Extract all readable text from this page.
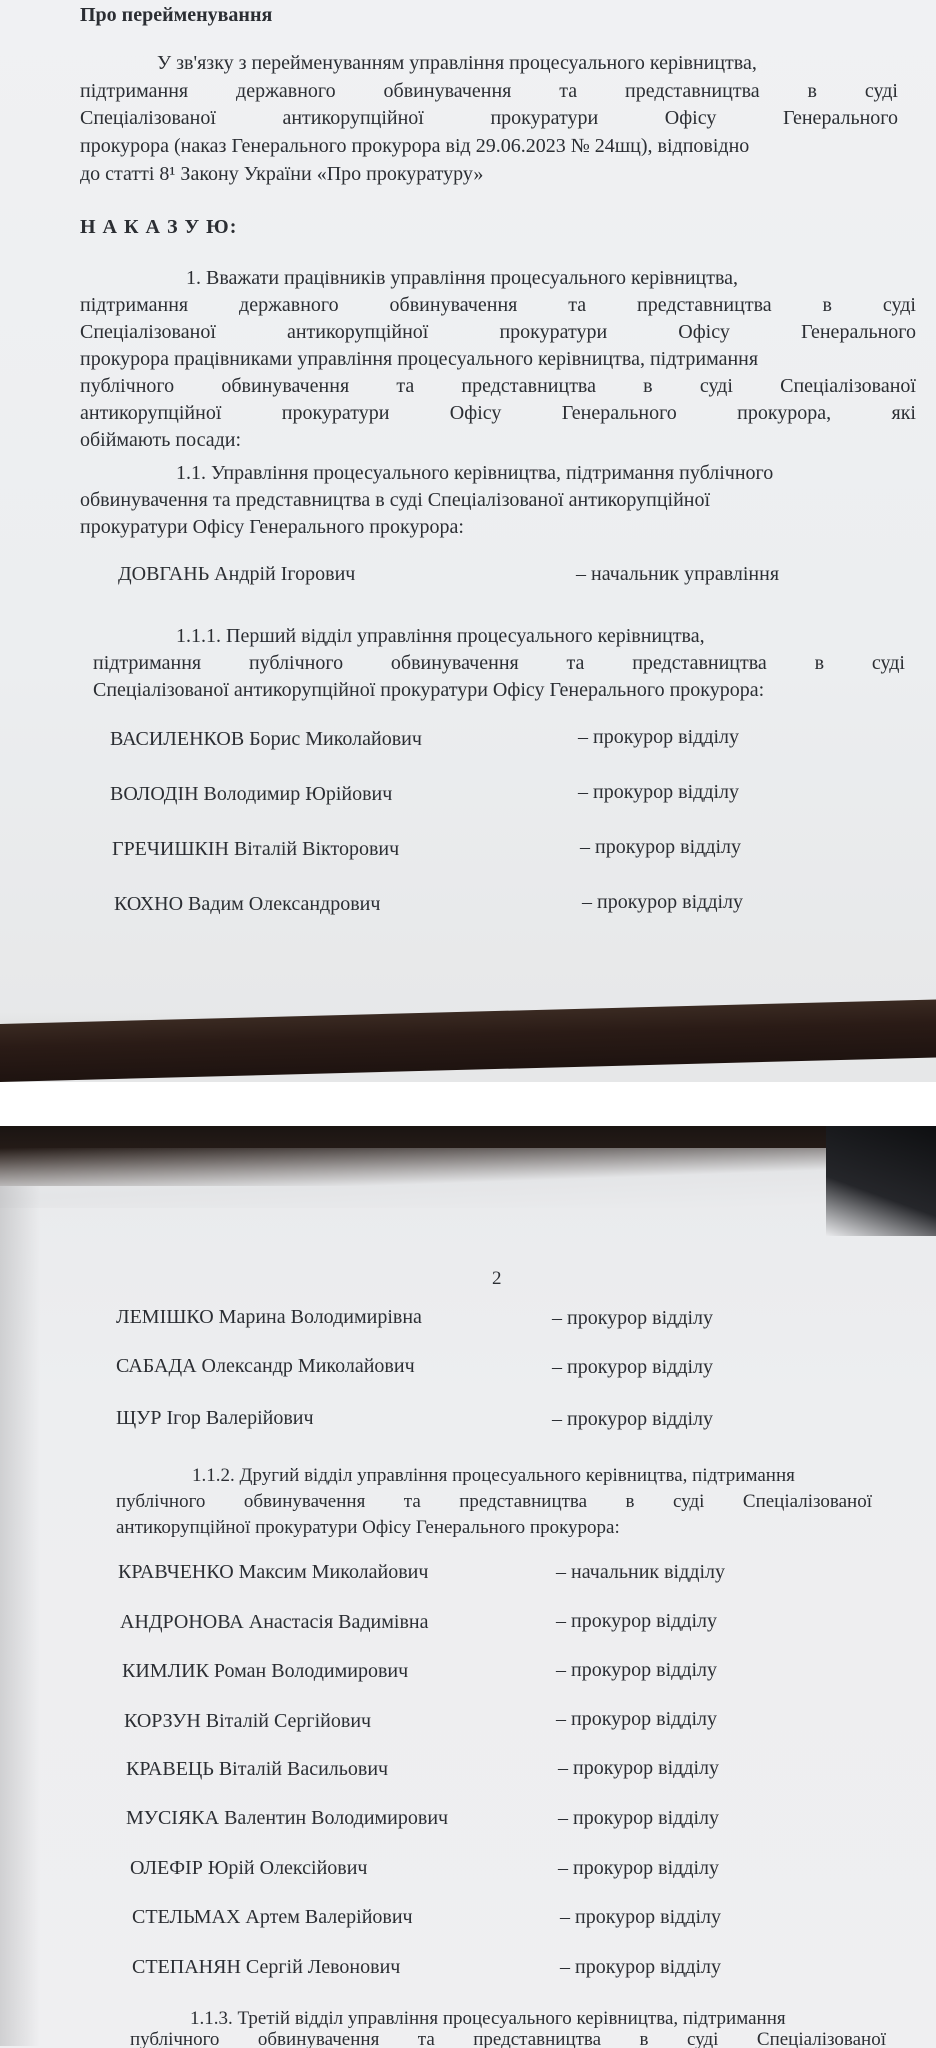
Про перейменування
У зв'язку з перейменуванням управління процесуального керівництва,
підтримання державного обвинувачення та представництва в суді
Спеціалізованої антикорупційної прокуратури Офісу Генерального
прокурора (наказ Генерального прокурора від 29.06.2023 № 24шц), відповідно
до статті 8¹ Закону України «Про прокуратуру»
Н А К А З У Ю:
1. Вважати працівників управління процесуального керівництва,
підтримання державного обвинувачення та представництва в суді
Спеціалізованої антикорупційної прокуратури Офісу Генерального
прокурора працівниками управління процесуального керівництва, підтримання
публічного обвинувачення та представництва в суді Спеціалізованої
антикорупційної прокуратури Офісу Генерального прокурора, які
обіймають посади:
1.1. Управління процесуального керівництва, підтримання публічного
обвинувачення та представництва в суді Спеціалізованої антикорупційної
прокуратури Офісу Генерального прокурора:
ДОВГАНЬ Андрій Ігорович	– начальник управління
1.1.1. Перший відділ управління процесуального керівництва,
підтримання публічного обвинувачення та представництва в суді
Спеціалізованої антикорупційної прокуратури Офісу Генерального прокурора:
ВАСИЛЕНКОВ Борис Миколайович	– прокурор відділу
ВОЛОДІН Володимир Юрійович	– прокурор відділу
ГРЕЧИШКІН Віталій Вікторович	– прокурор відділу
КОХНО Вадим Олександрович	– прокурор відділу
2
ЛЕМІШКО Марина Володимирівна	– прокурор відділу
САБАДА Олександр Миколайович	– прокурор відділу
ЩУР Ігор Валерійович	– прокурор відділу
1.1.2. Другий відділ управління процесуального керівництва, підтримання
публічного обвинувачення та представництва в суді Спеціалізованої
антикорупційної прокуратури Офісу Генерального прокурора:
КРАВЧЕНКО Максим Миколайович	– начальник відділу
АНДРОНОВА Анастасія Вадимівна	– прокурор відділу
КИМЛИК Роман Володимирович	– прокурор відділу
КОРЗУН Віталій Сергійович	– прокурор відділу
КРАВЕЦЬ Віталій Васильович	– прокурор відділу
МУСІЯКА Валентин Володимирович	– прокурор відділу
ОЛЕФІР Юрій Олексійович	– прокурор відділу
СТЕЛЬМАХ Артем Валерійович	– прокурор відділу
СТЕПАНЯН Сергій Левонович	– прокурор відділу
1.1.3. Третій відділ управління процесуального керівництва, підтримання
публічного обвинувачення та представництва в суді Спеціалізованої
